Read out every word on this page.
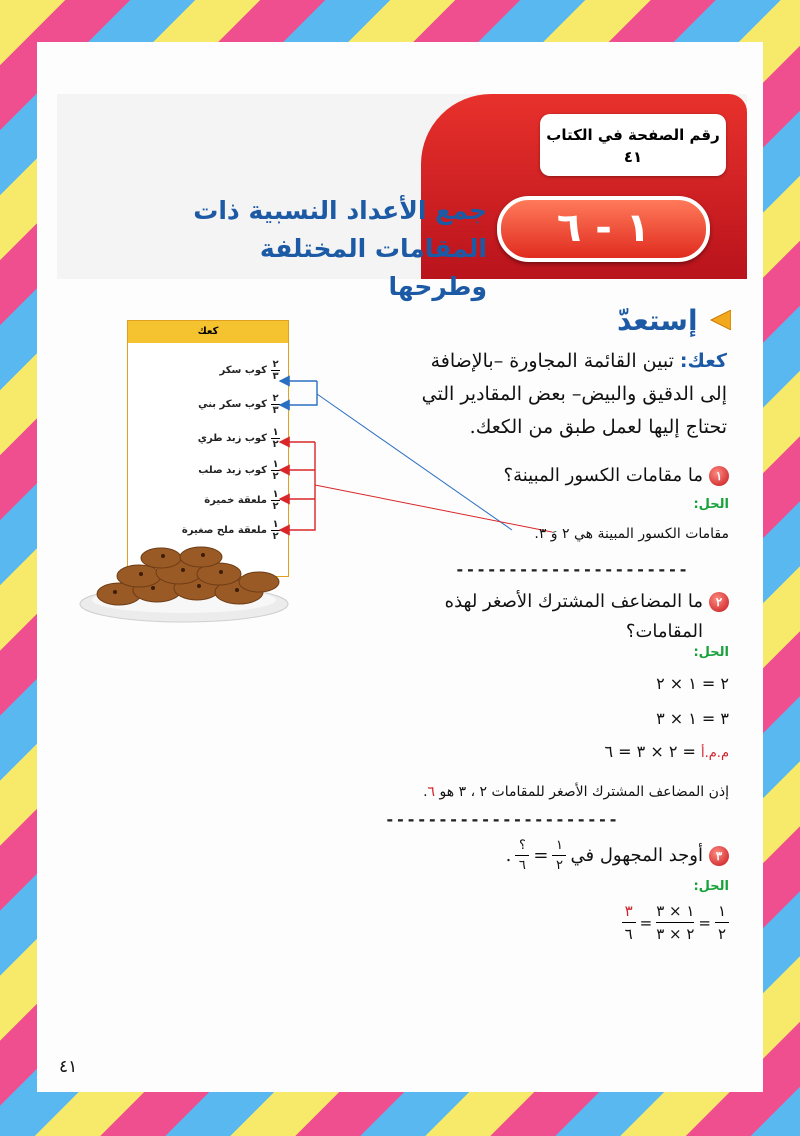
رقم الصفحة في الكتاب
٤١
١ - ٦
جمع الأعداد النسبية ذات
المقامات المختلفة وطرحها
إستعدّ
كعك: تبين القائمة المجاورة –بالإضافة إلى الدقيق والبيض– بعض المقادير التي تحتاج إليها لعمل طبق من الكعك.
كعك
$\frac{٢}{٣}$
كوب سكر
$\frac{٢}{٣}$
كوب سكر بني
$\frac{١}{٢}$
كوب زبد طري
$\frac{١}{٢}$
كوب زبد صلب
$\frac{١}{٢}$
ملعقة خميرة
$\frac{١}{٢}$
ملعقة ملح صغيرة
١ما مقامات الكسور المبينة؟
الحل:
مقامات الكسور المبينة هي ٢ وَ ٣.
----------------------
٢ما المضاعف المشترك الأصغر لهذه
المقامات؟
الحل:
٢ = ١ × ٢
٣ = ١ × ٣
م.م.أ = ٢ × ٣ = ٦
إذن المضاعف المشترك الأصغر للمقامات ٢ ، ٣ هو ٦.
----------------------
٣
أوجد المجهول في
$\frac{١}{٢}$
=
$\frac{؟}{٦}$
.
الحل:
$\frac{١}{٢}$
=
$\frac{١ \times ٣}{٢ \times ٣}$
=
$\frac{٣}{٦}$
٤١
